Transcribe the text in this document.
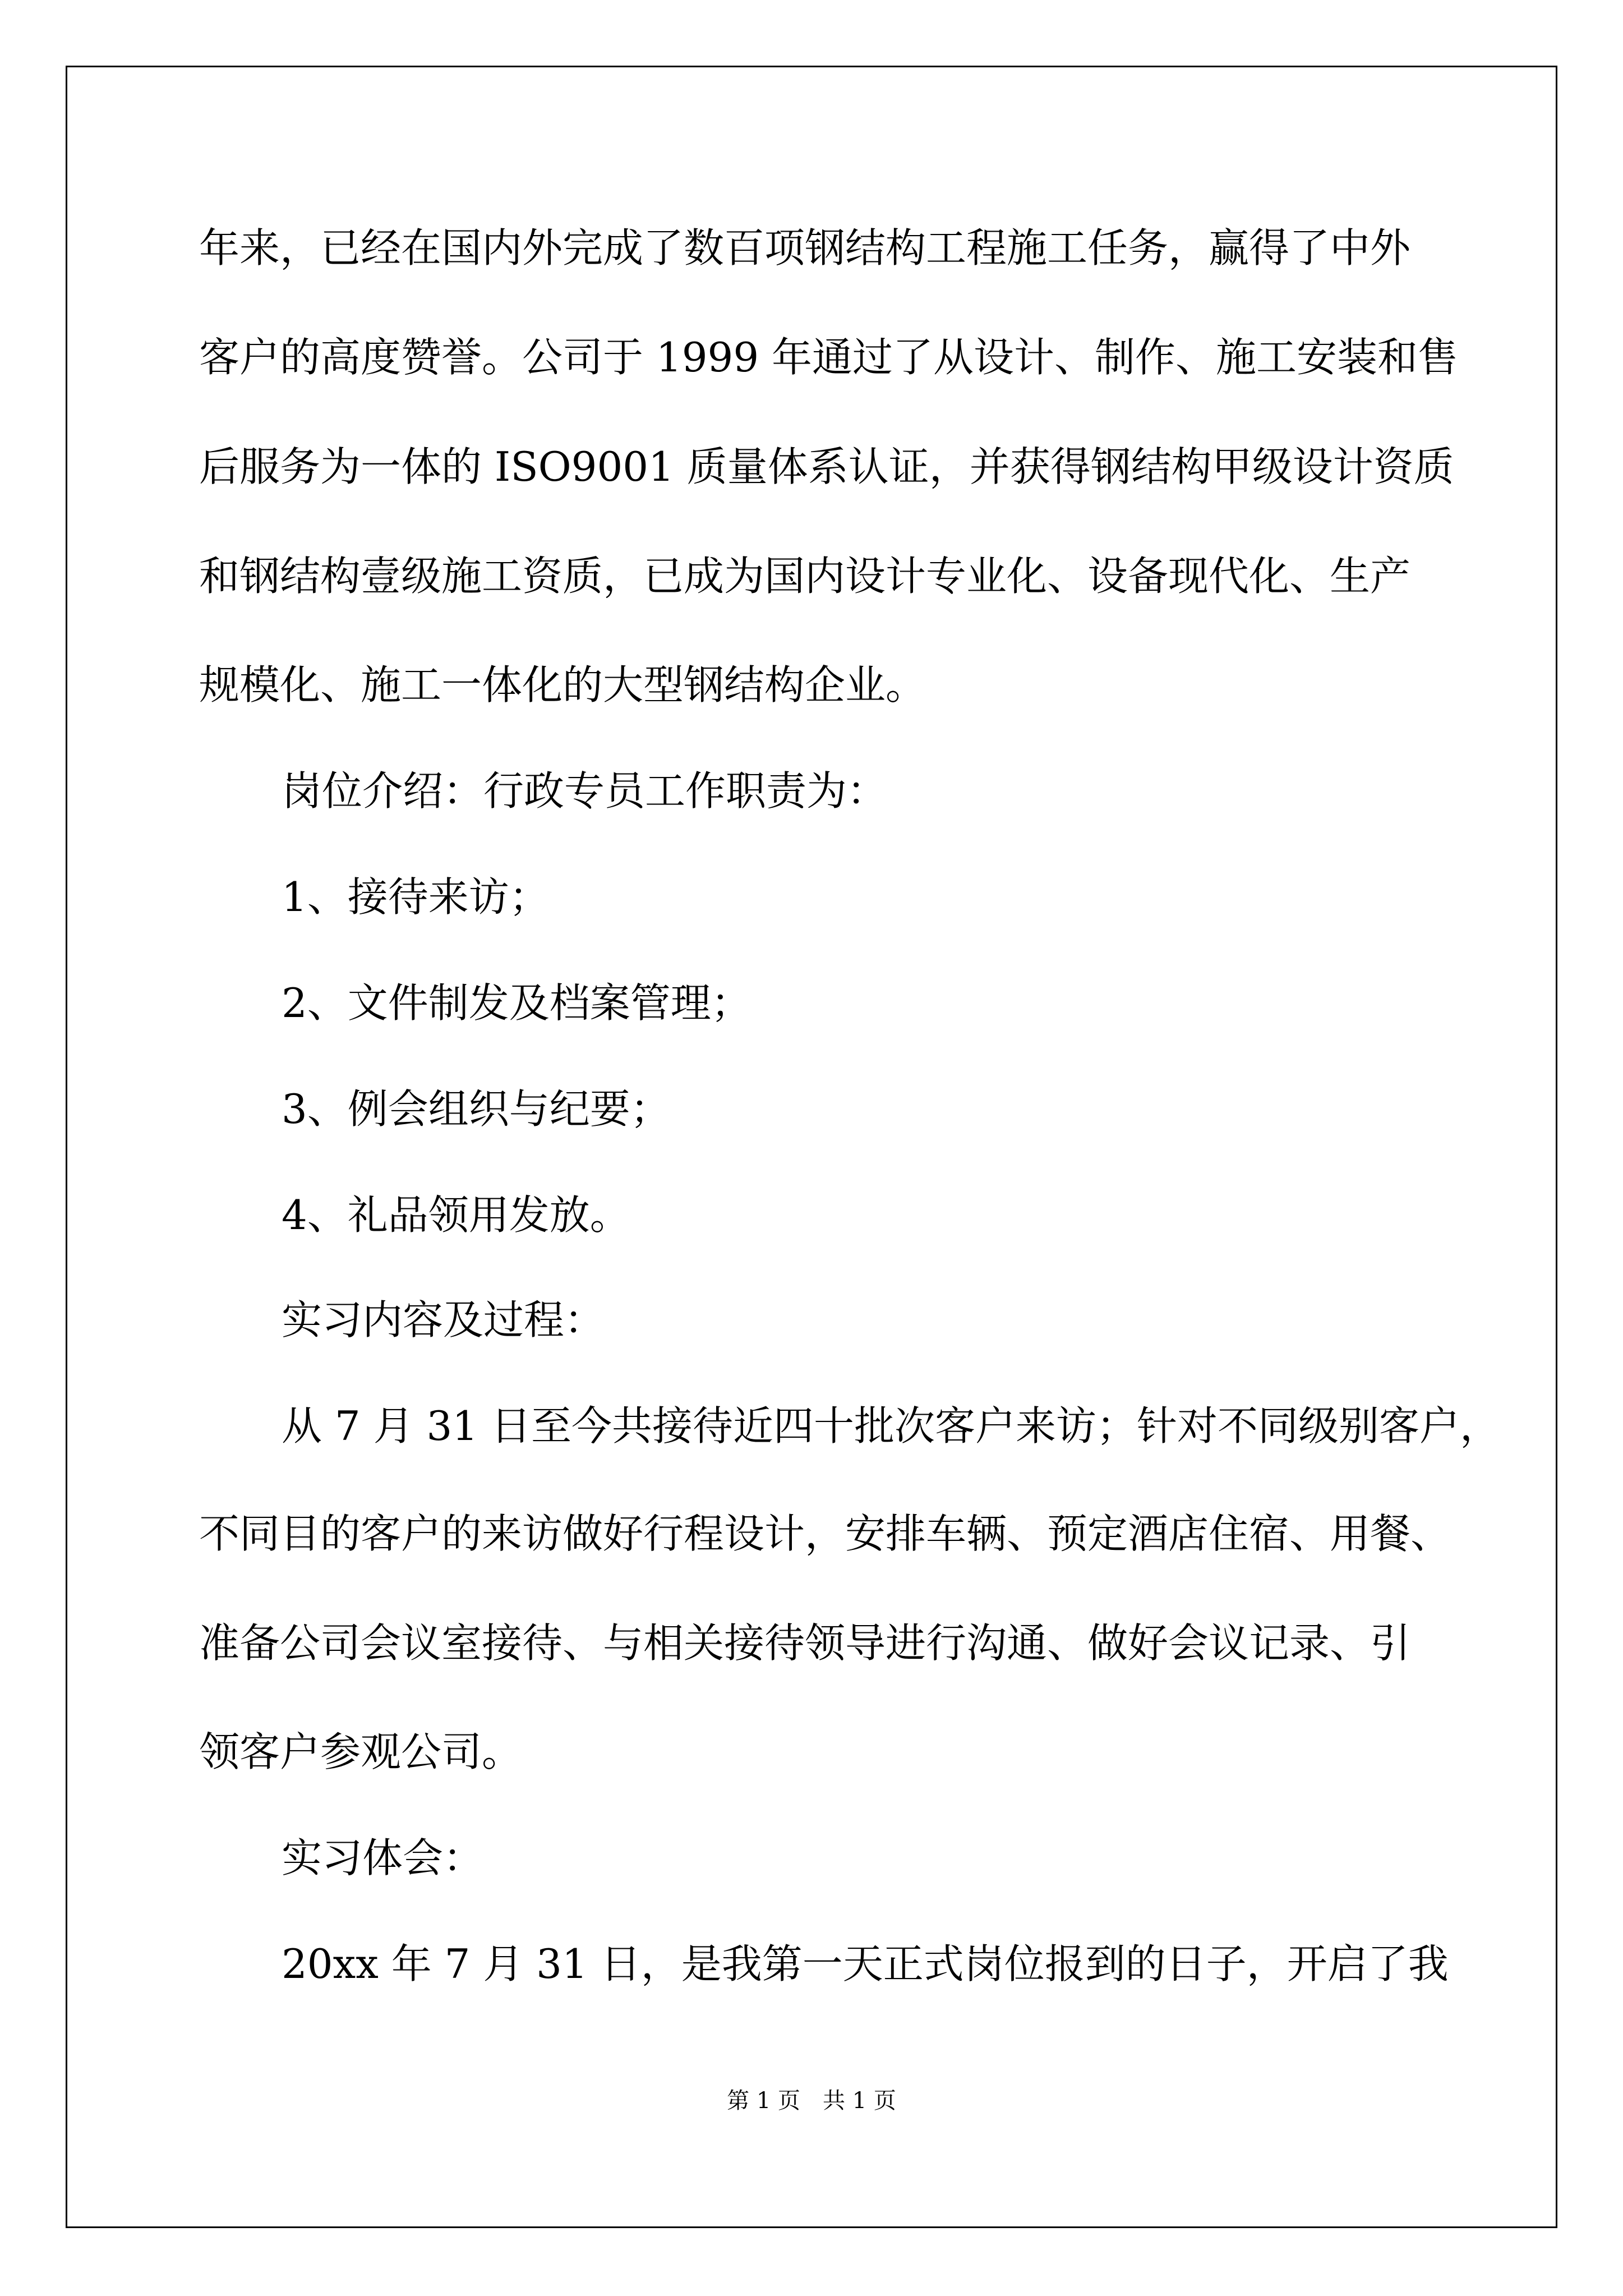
年来，已经在国内外完成了数百项钢结构工程施工任务，赢得了中外
客户的高度赞誉。公司于 1999 年通过了从设计、制作、施工安装和售
后服务为一体的 ISO9001 质量体系认证，并获得钢结构甲级设计资质
和钢结构壹级施工资质，已成为国内设计专业化、设备现代化、生产
规模化、施工一体化的大型钢结构企业。
岗位介绍：行政专员工作职责为：
1、接待来访；
2、文件制发及档案管理；
3、例会组织与纪要；
4、礼品领用发放。
实习内容及过程：
从 7 月 31 日至今共接待近四十批次客户来访；针对不同级别客户，
不同目的客户的来访做好行程设计，安排车辆、预定酒店住宿、用餐、
准备公司会议室接待、与相关接待领导进行沟通、做好会议记录、引
领客户参观公司。
实习体会：
20xx 年 7 月 31 日，是我第一天正式岗位报到的日子，开启了我
第 1 页　共 1 页
